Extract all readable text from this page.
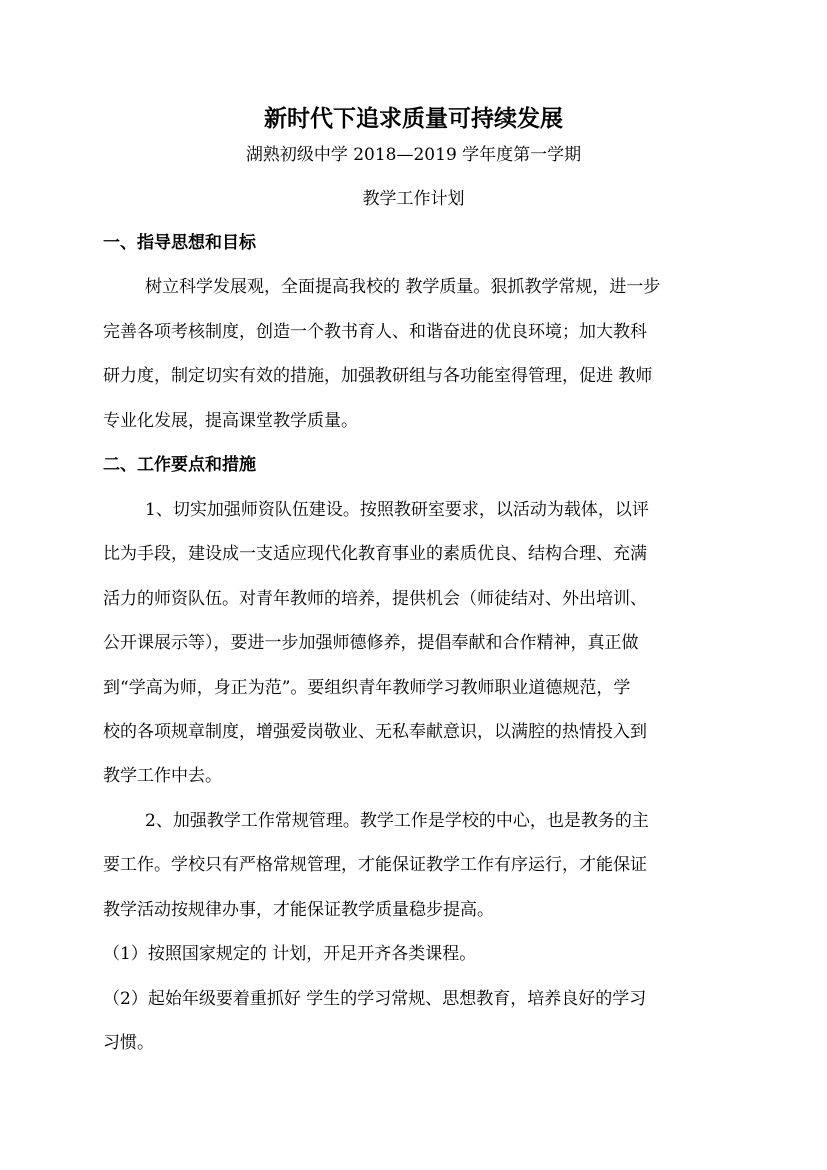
新时代下追求质量可持续发展
湖熟初级中学 2018—2019 学年度第一学期
教学工作计划
一、指导思想和目标
树立科学发展观，全面提高我校的 教学质量。狠抓教学常规，进一步
完善各项考核制度，创造一个教书育人、和谐奋进的优良环境；加大教科
研力度，制定切实有效的措施，加强教研组与各功能室得管理，促进 教师
专业化发展，提高课堂教学质量。
二、工作要点和措施
1、切实加强师资队伍建设。按照教研室要求，以活动为载体，以评
比为手段，建设成一支适应现代化教育事业的素质优良、结构合理、充满
活力的师资队伍。对青年教师的培养，提供机会（师徒结对、外出培训、
公开课展示等），要进一步加强师德修养，提倡奉献和合作精神，真正做
到“学高为师，身正为范”。要组织青年教师学习教师职业道德规范，学
校的各项规章制度，增强爱岗敬业、无私奉献意识，以满腔的热情投入到
教学工作中去。
2、加强教学工作常规管理。教学工作是学校的中心，也是教务的主
要工作。学校只有严格常规管理，才能保证教学工作有序运行，才能保证
教学活动按规律办事，才能保证教学质量稳步提高。
（1）按照国家规定的 计划，开足开齐各类课程。
（2）起始年级要着重抓好 学生的学习常规、思想教育，培养良好的学习
习惯。
